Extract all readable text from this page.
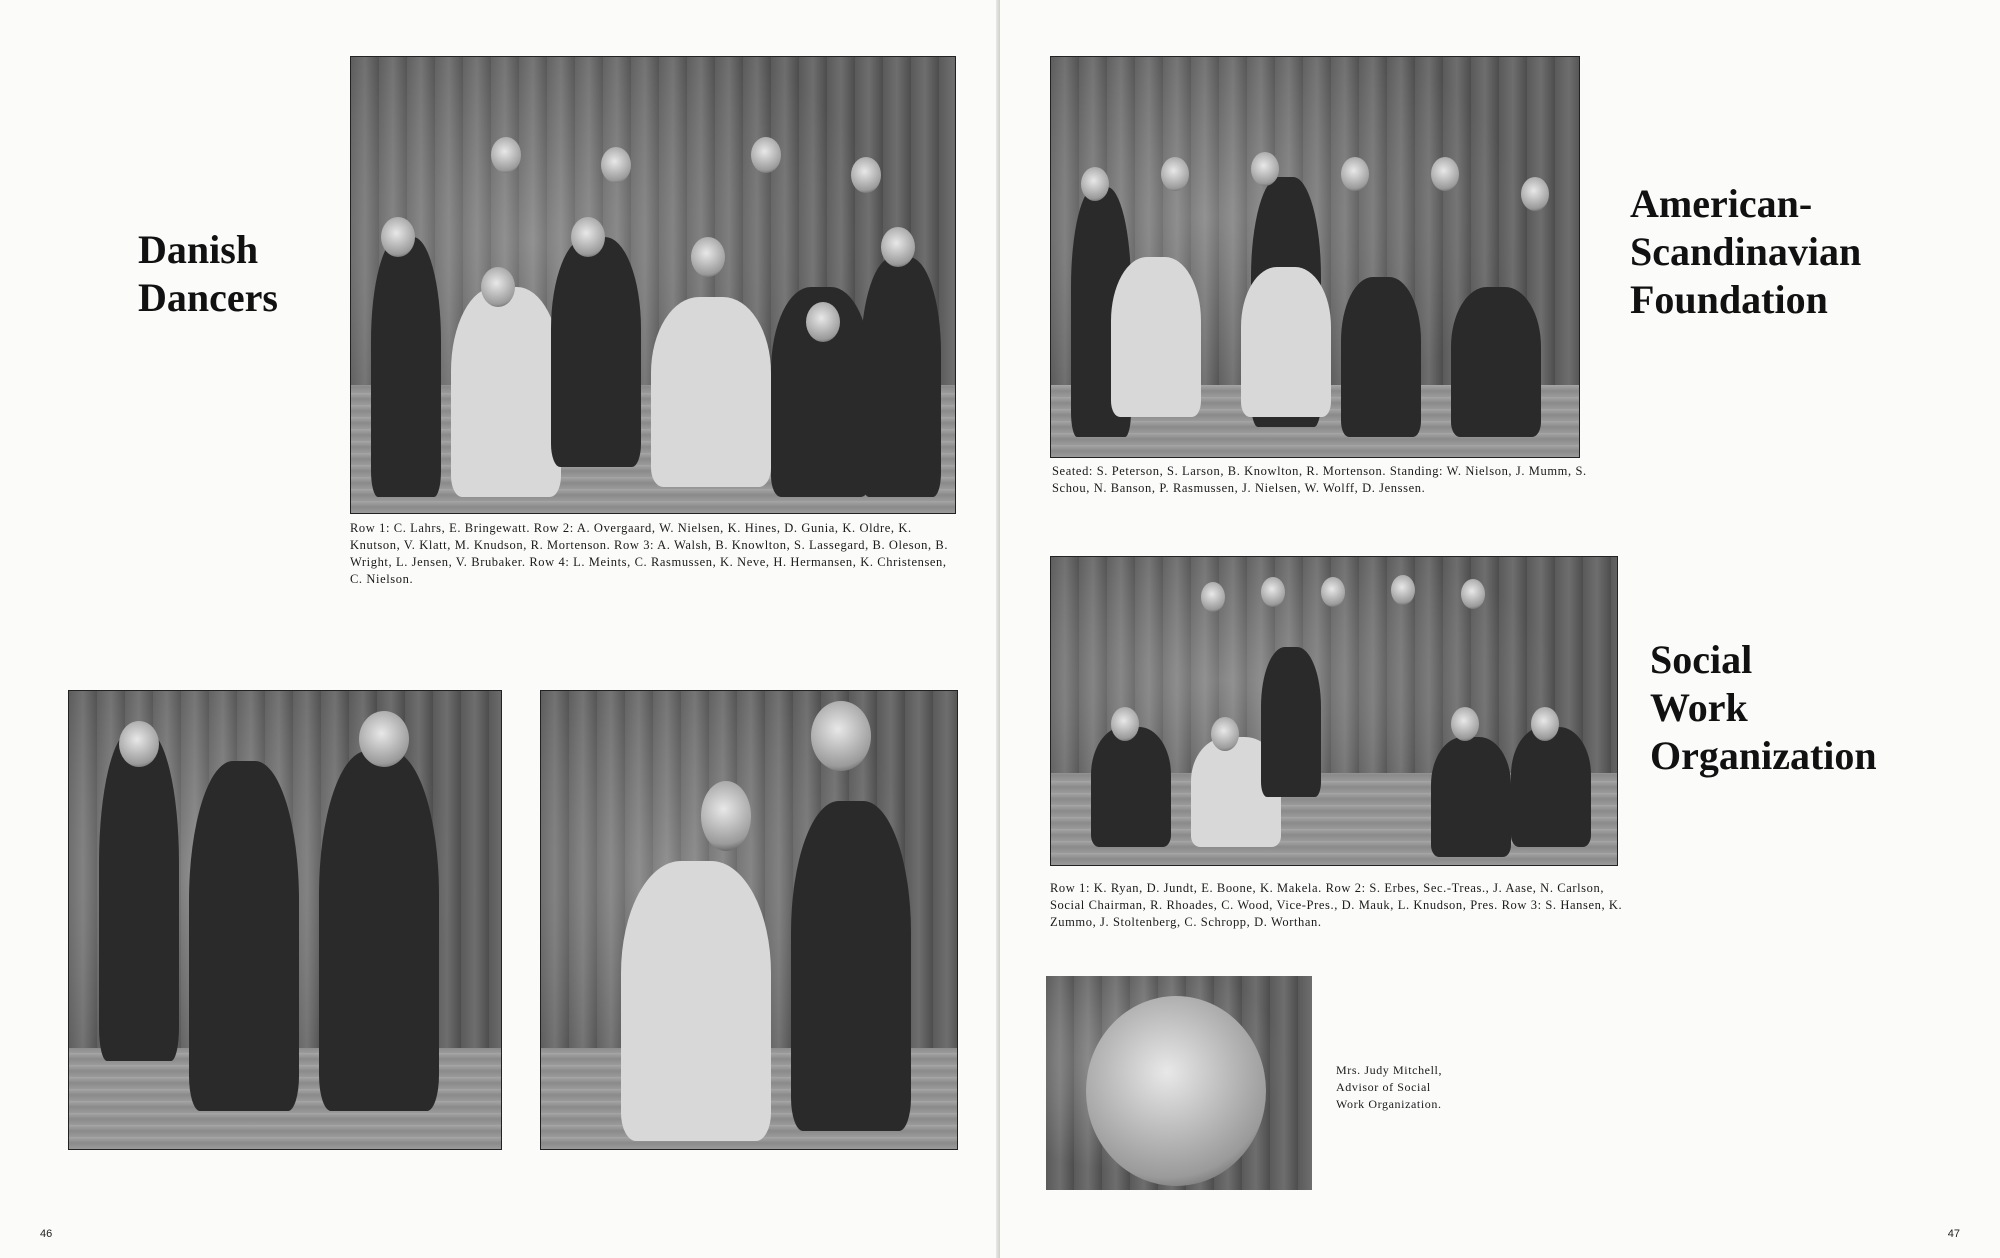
Danish
Dancers
Row 1: C. Lahrs, E. Bringewatt. Row 2: A. Overgaard, W. Nielsen, K. Hines, D. Gunia, K. Oldre, K. Knutson, V. Klatt, M. Knudson, R. Mortenson. Row 3: A. Walsh, B. Knowlton, S. Lassegard, B. Oleson, B. Wright, L. Jensen, V. Brubaker. Row 4: L. Meints, C. Rasmussen, K. Neve, H. Hermansen, K. Christensen, C. Nielson.
46
Seated: S. Peterson, S. Larson, B. Knowlton, R. Mortenson. Standing: W. Nielson, J. Mumm, S. Schou, N. Banson, P. Rasmussen, J. Nielsen, W. Wolff, D. Jenssen.
American-
Scandinavian
Foundation
Row 1: K. Ryan, D. Jundt, E. Boone, K. Makela. Row 2: S. Erbes, Sec.-Treas., J. Aase, N. Carlson, Social Chairman, R. Rhoades, C. Wood, Vice-Pres., D. Mauk, L. Knudson, Pres. Row 3: S. Hansen, K. Zummo, J. Stoltenberg, C. Schropp, D. Worthan.
Social
Work
Organization
Mrs. Judy Mitchell,
Advisor of Social
Work Organization.
47
